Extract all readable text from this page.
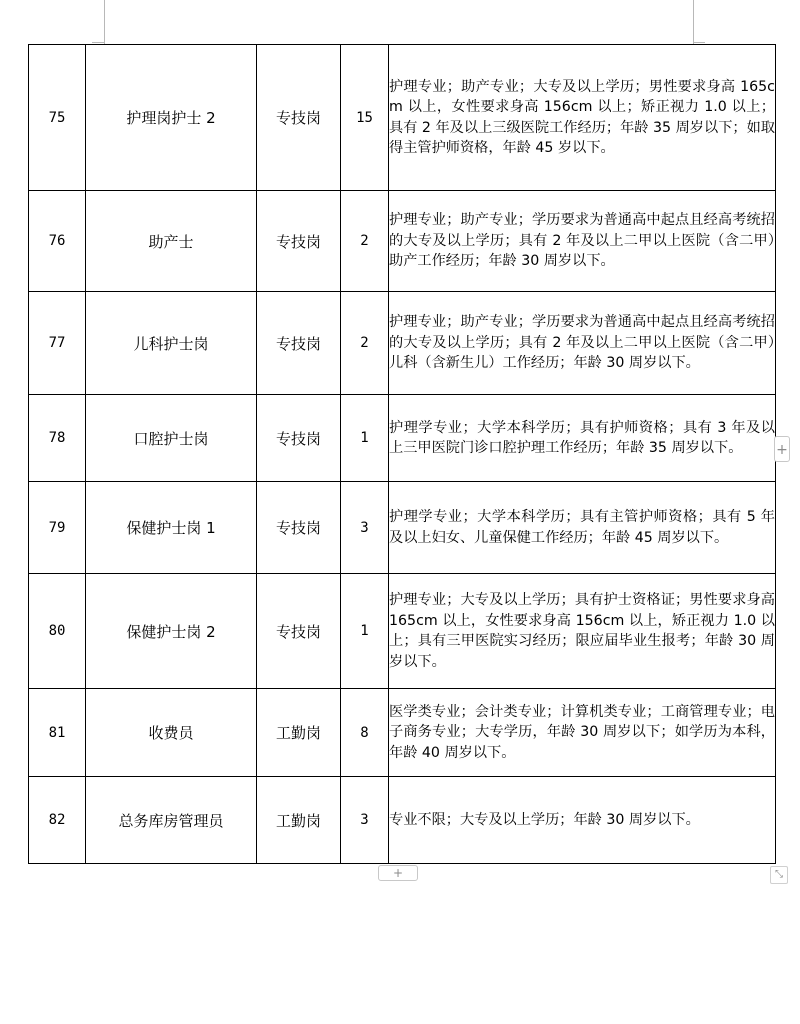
75	护理岗护士 2	专技岗	15	护理专业；助产专业；大专及以上学历；男性要求身高 165cm 以上，女性要求身高 156cm 以上；矫正视力 1.0 以上；具有 2 年及以上三级医院工作经历；年龄 35 周岁以下；如取得主管护师资格，年龄 45 岁以下。
76	助产士	专技岗	2	护理专业；助产专业；学历要求为普通高中起点且经高考统招的大专及以上学历；具有 2 年及以上二甲以上医院（含二甲）助产工作经历；年龄 30 周岁以下。
77	儿科护士岗	专技岗	2	护理专业；助产专业；学历要求为普通高中起点且经高考统招的大专及以上学历；具有 2 年及以上二甲以上医院（含二甲）儿科（含新生儿）工作经历；年龄 30 周岁以下。
78	口腔护士岗	专技岗	1	护理学专业；大学本科学历；具有护师资格；具有 3 年及以上三甲医院门诊口腔护理工作经历；年龄 35 周岁以下。
79	保健护士岗 1	专技岗	3	护理学专业；大学本科学历；具有主管护师资格；具有 5 年及以上妇女、儿童保健工作经历；年龄 45 周岁以下。
80	保健护士岗 2	专技岗	1	护理专业；大专及以上学历；具有护士资格证；男性要求身高 165cm 以上，女性要求身高 156cm 以上，矫正视力 1.0 以上；具有三甲医院实习经历；限应届毕业生报考；年龄 30 周岁以下。
81	收费员	工勤岗	8	医学类专业；会计类专业；计算机类专业；工商管理专业；电子商务专业；大专学历，年龄 30 周岁以下；如学历为本科，年龄 40 周岁以下。
82	总务库房管理员	工勤岗	3	专业不限；大专及以上学历；年龄 30 周岁以下。
+
+	⤡
